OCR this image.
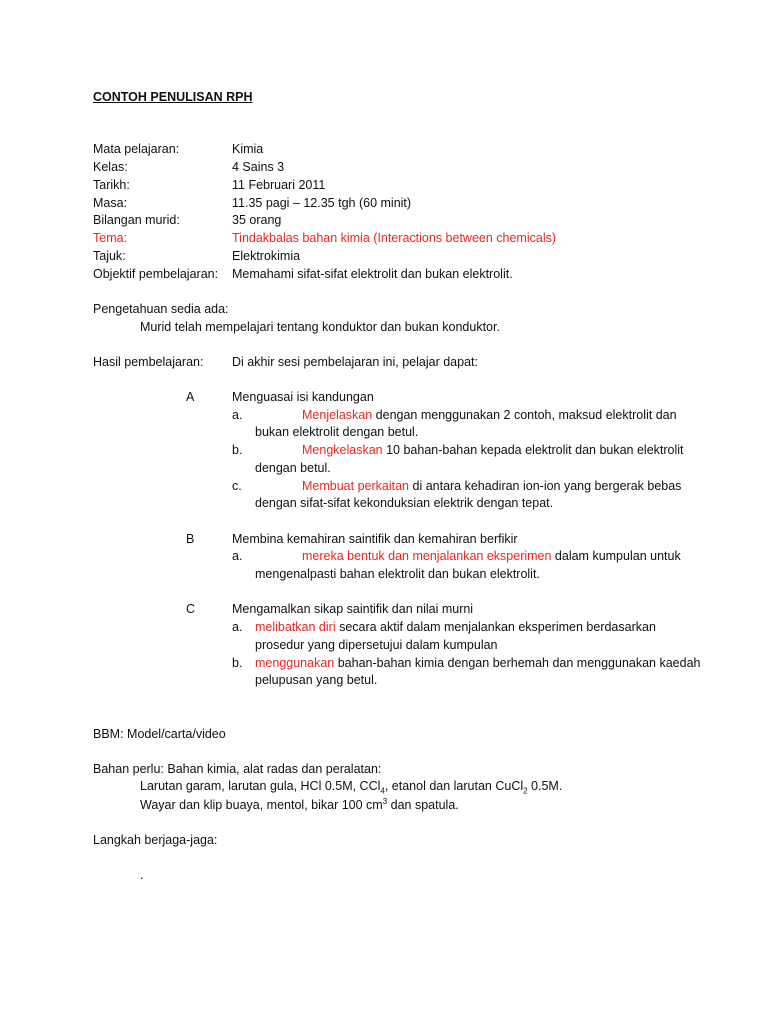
CONTOH PENULISAN RPH
Mata pelajaran:	Kimia
Kelas:	4 Sains 3
Tarikh:	11 Februari 2011
Masa:	11.35 pagi – 12.35 tgh (60 minit)
Bilangan murid:	35 orang
Tema:	Tindakbalas bahan kimia (Interactions between chemicals)
Tajuk:	Elektrokimia
Objektif pembelajaran: Memahami sifat-sifat elektrolit dan bukan elektrolit.
Pengetahuan sedia ada:
Murid telah mempelajari tentang konduktor dan bukan konduktor.
Hasil pembelajaran: Di akhir sesi pembelajaran ini, pelajar dapat:
A	Menguasai isi kandungan
a.	Menjelaskan dengan menggunakan 2 contoh, maksud elektrolit dan
bukan elektrolit dengan betul.
b.	Mengkelaskan 10 bahan-bahan kepada elektrolit dan bukan elektrolit
dengan betul.
c.	Membuat perkaitan di antara kehadiran ion-ion yang bergerak bebas
dengan sifat-sifat kekonduksian elektrik dengan tepat.
B	Membina kemahiran saintifik dan kemahiran berfikir
a.	mereka bentuk dan menjalankan eksperimen dalam kumpulan untuk
mengenalpasti bahan elektrolit dan bukan elektrolit.
C	Mengamalkan sikap saintifik dan nilai murni
a. melibatkan diri secara aktif dalam menjalankan eksperimen berdasarkan
prosedur yang dipersetujui dalam kumpulan
b. menggunakan bahan-bahan kimia dengan berhemah dan menggunakan kaedah
pelupusan yang betul.
BBM: Model/carta/video
Bahan perlu: Bahan kimia, alat radas dan peralatan:
Larutan garam, larutan gula, HCl 0.5M, CCl$_4$, etanol dan larutan CuCl$_2$ 0.5M.
Wayar dan klip buaya, mentol, bikar 100 $cm^3$ dan spatula.
Langkah berjaga-jaga:
.
